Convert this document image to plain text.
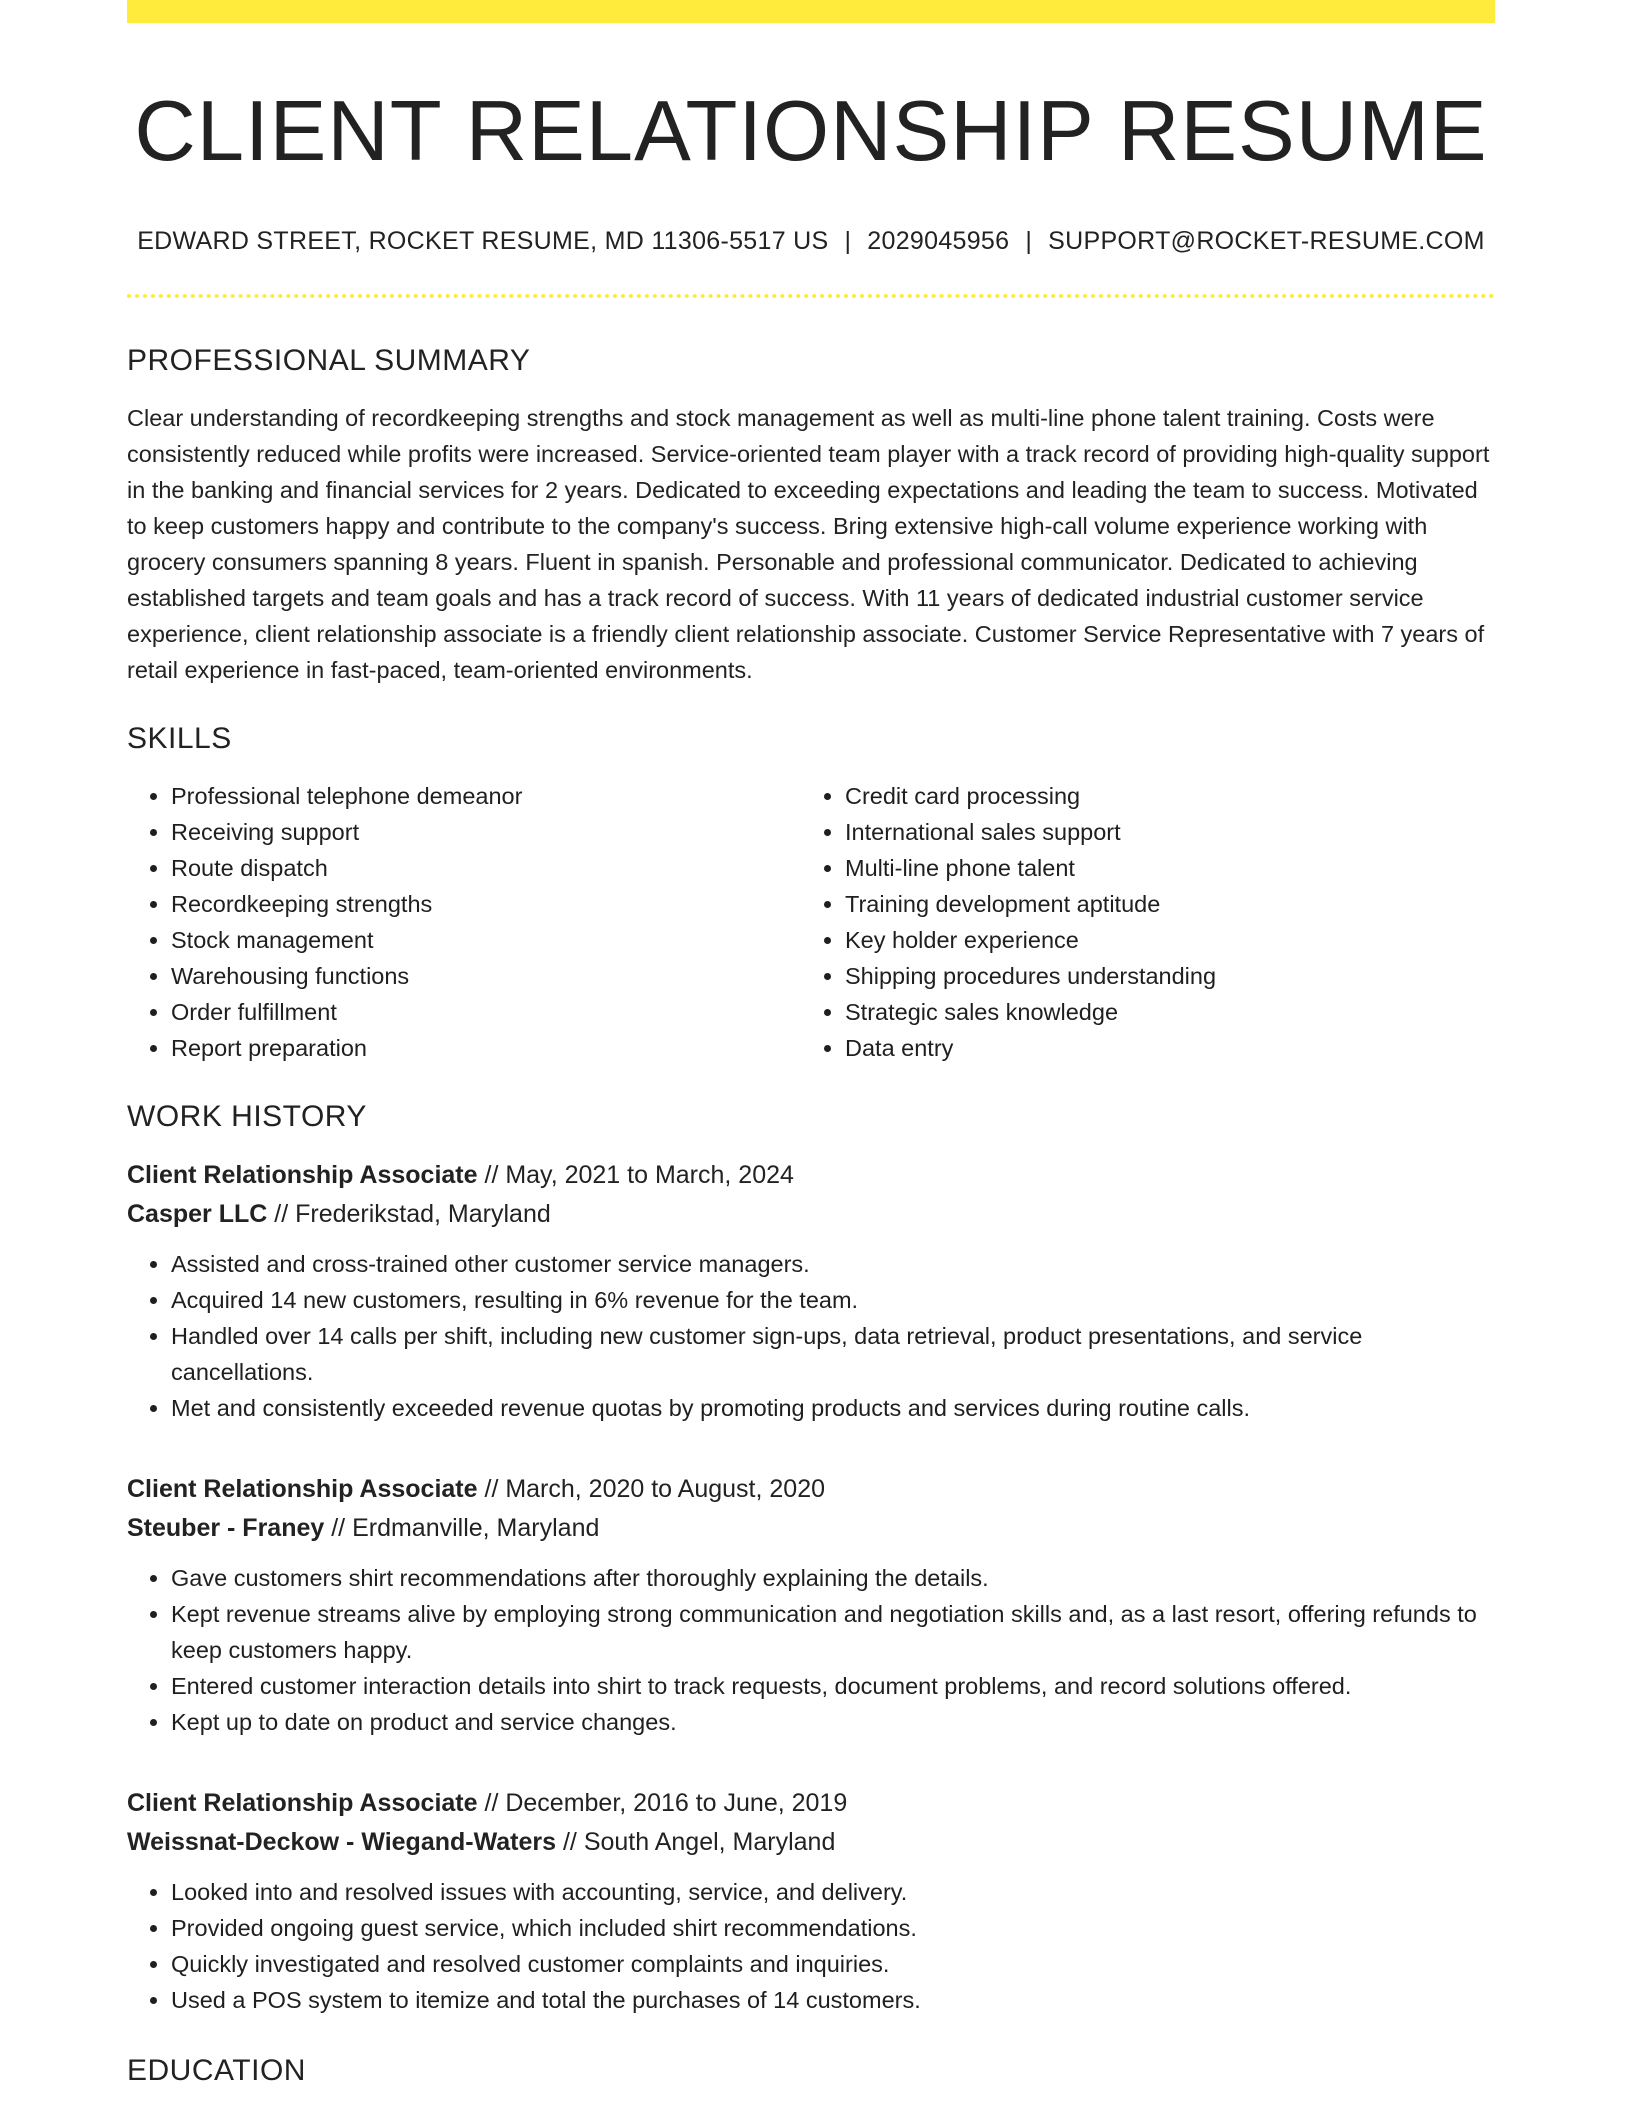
CLIENT RELATIONSHIP RESUME
EDWARD STREET, ROCKET RESUME, MD 11306-5517 US | 2029045956 | SUPPORT@ROCKET-RESUME.COM
PROFESSIONAL SUMMARY

Clear understanding of recordkeeping strengths and stock management as well as multi-line phone talent training. Costs were consistently reduced while profits were increased. Service-oriented team player with a track record of providing high-quality support in the banking and financial services for 2 years. Dedicated to exceeding expectations and leading the team to success. Motivated to keep customers happy and contribute to the company's success. Bring extensive high-call volume experience working with grocery consumers spanning 8 years. Fluent in spanish. Personable and professional communicator. Dedicated to achieving established targets and team goals and has a track record of success. With 11 years of dedicated industrial customer service experience, client relationship associate is a friendly client relationship associate. Customer Service Representative with 7 years of retail experience in fast-paced, team-oriented environments.

SKILLS
• Professional telephone demeanor
• Receiving support
• Route dispatch
• Recordkeeping strengths
• Stock management
• Warehousing functions
• Order fulfillment
• Report preparation
• Credit card processing
• International sales support
• Multi-line phone talent
• Training development aptitude
• Key holder experience
• Shipping procedures understanding
• Strategic sales knowledge
• Data entry
WORK HISTORY
Client Relationship Associate // May, 2021 to March, 2024
Casper LLC // Frederikstad, Maryland
• Assisted and cross-trained other customer service managers.
• Acquired 14 new customers, resulting in 6% revenue for the team.
• Handled over 14 calls per shift, including new customer sign-ups, data retrieval, product presentations, and service cancellations.
• Met and consistently exceeded revenue quotas by promoting products and services during routine calls.
Client Relationship Associate // March, 2020 to August, 2020
Steuber - Franey // Erdmanville, Maryland
• Gave customers shirt recommendations after thoroughly explaining the details.
• Kept revenue streams alive by employing strong communication and negotiation skills and, as a last resort, offering refunds to keep customers happy.
• Entered customer interaction details into shirt to track requests, document problems, and record solutions offered.
• Kept up to date on product and service changes.
Client Relationship Associate // December, 2016 to June, 2019
Weissnat-Deckow - Wiegand-Waters // South Angel, Maryland
• Looked into and resolved issues with accounting, service, and delivery.
• Provided ongoing guest service, which included shirt recommendations.
• Quickly investigated and resolved customer complaints and inquiries.
• Used a POS system to itemize and total the purchases of 14 customers.
EDUCATION
